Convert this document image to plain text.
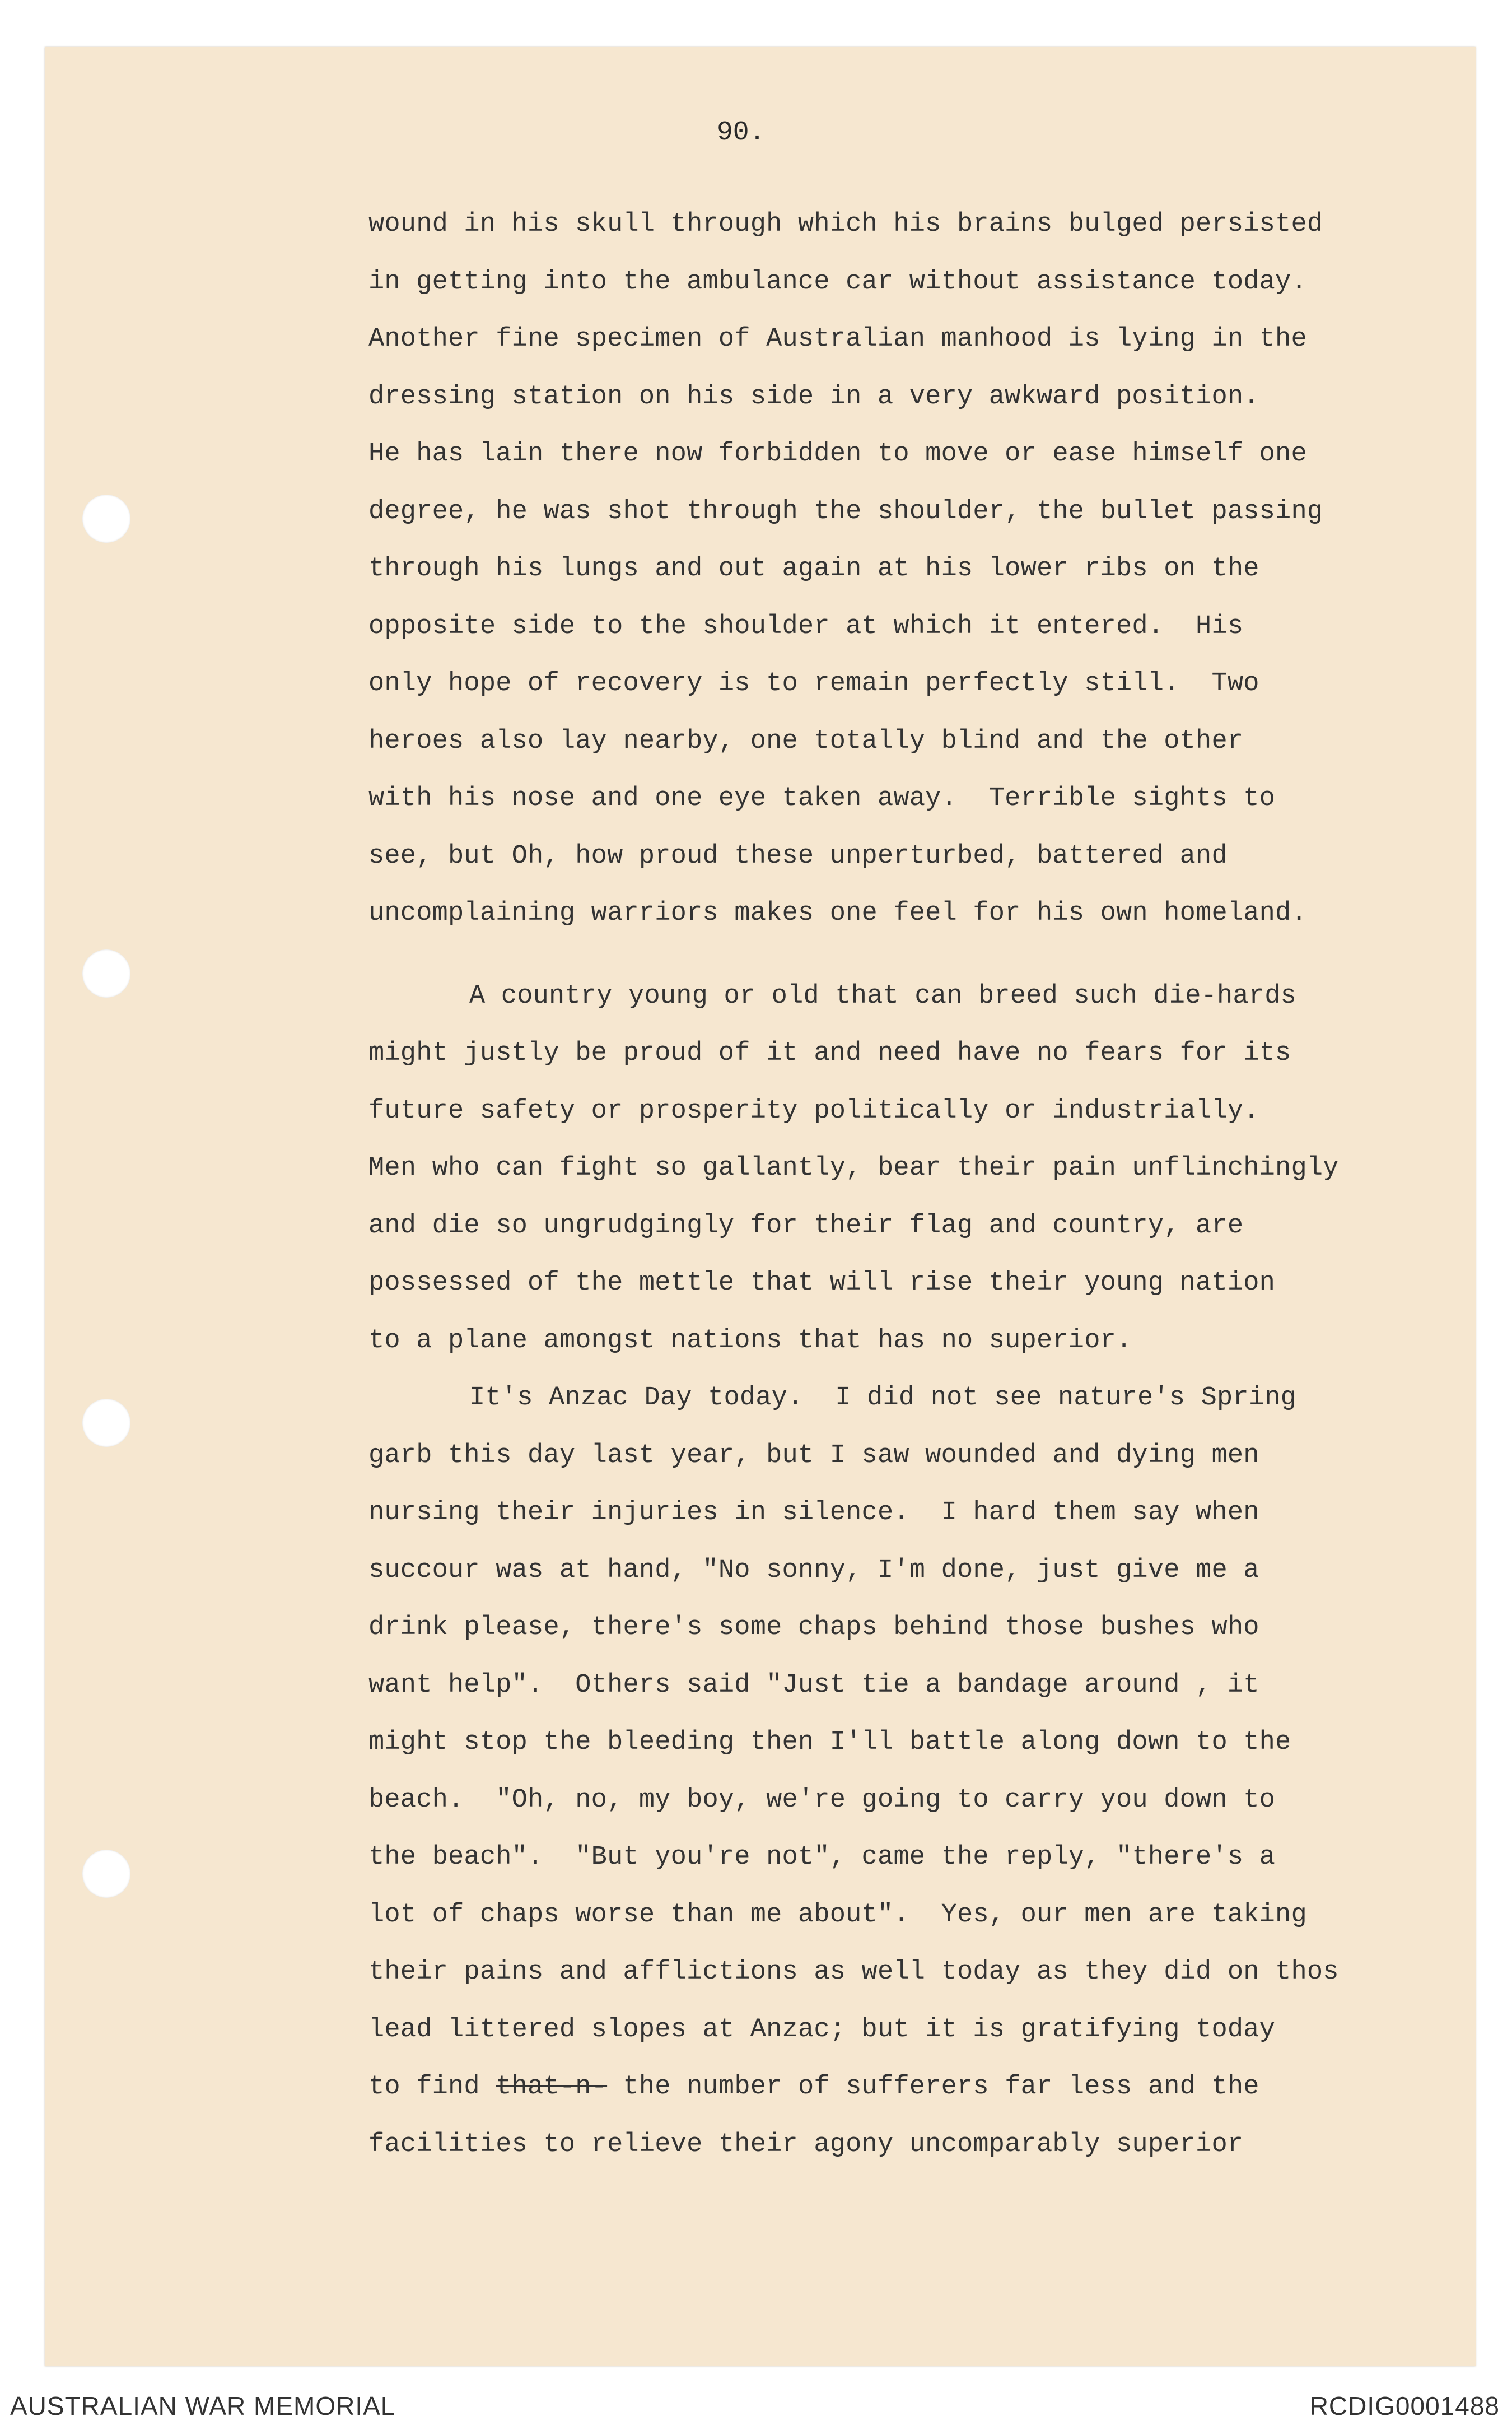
90.
wound in his skull through which his brains bulged persisted
in getting into the ambulance car without assistance today.
Another fine specimen of Australian manhood is lying in the
dressing station on his side in a very awkward position.
He has lain there now forbidden to move or ease himself one
degree, he was shot through the shoulder, the bullet passing
through his lungs and out again at his lower ribs on the
opposite side to the shoulder at which it entered.  His
only hope of recovery is to remain perfectly still.  Two
heroes also lay nearby, one totally blind and the other
with his nose and one eye taken away.  Terrible sights to
see, but Oh, how proud these unperturbed, battered and
uncomplaining warriors makes one feel for his own homeland.
A country young or old that can breed such die-hards
might justly be proud of it and need have no fears for its
future safety or prosperity politically or industrially.
Men who can fight so gallantly, bear their pain unflinchingly
and die so ungrudgingly for their flag and country, are
possessed of the mettle that will rise their young nation
to a plane amongst nations that has no superior.
It's Anzac Day today.  I did not see nature's Spring
garb this day last year, but I saw wounded and dying men
nursing their injuries in silence.  I hard them say when
succour was at hand, "No sonny, I'm done, just give me a
drink please, there's some chaps behind those bushes who
want help".  Others said "Just tie a bandage around , it
might stop the bleeding then I'll battle along down to the
beach.  "Oh, no, my boy, we're going to carry you down to
the beach".  "But you're not", came the reply, "there's a
lot of chaps worse than me about".  Yes, our men are taking
their pains and afflictions as well today as they did on thos
lead littered slopes at Anzac; but it is gratifying today
to find that-n- the number of sufferers far less and the
facilities to relieve their agony uncomparably superior
AUSTRALIAN WAR MEMORIAL	RCDIG0001488
